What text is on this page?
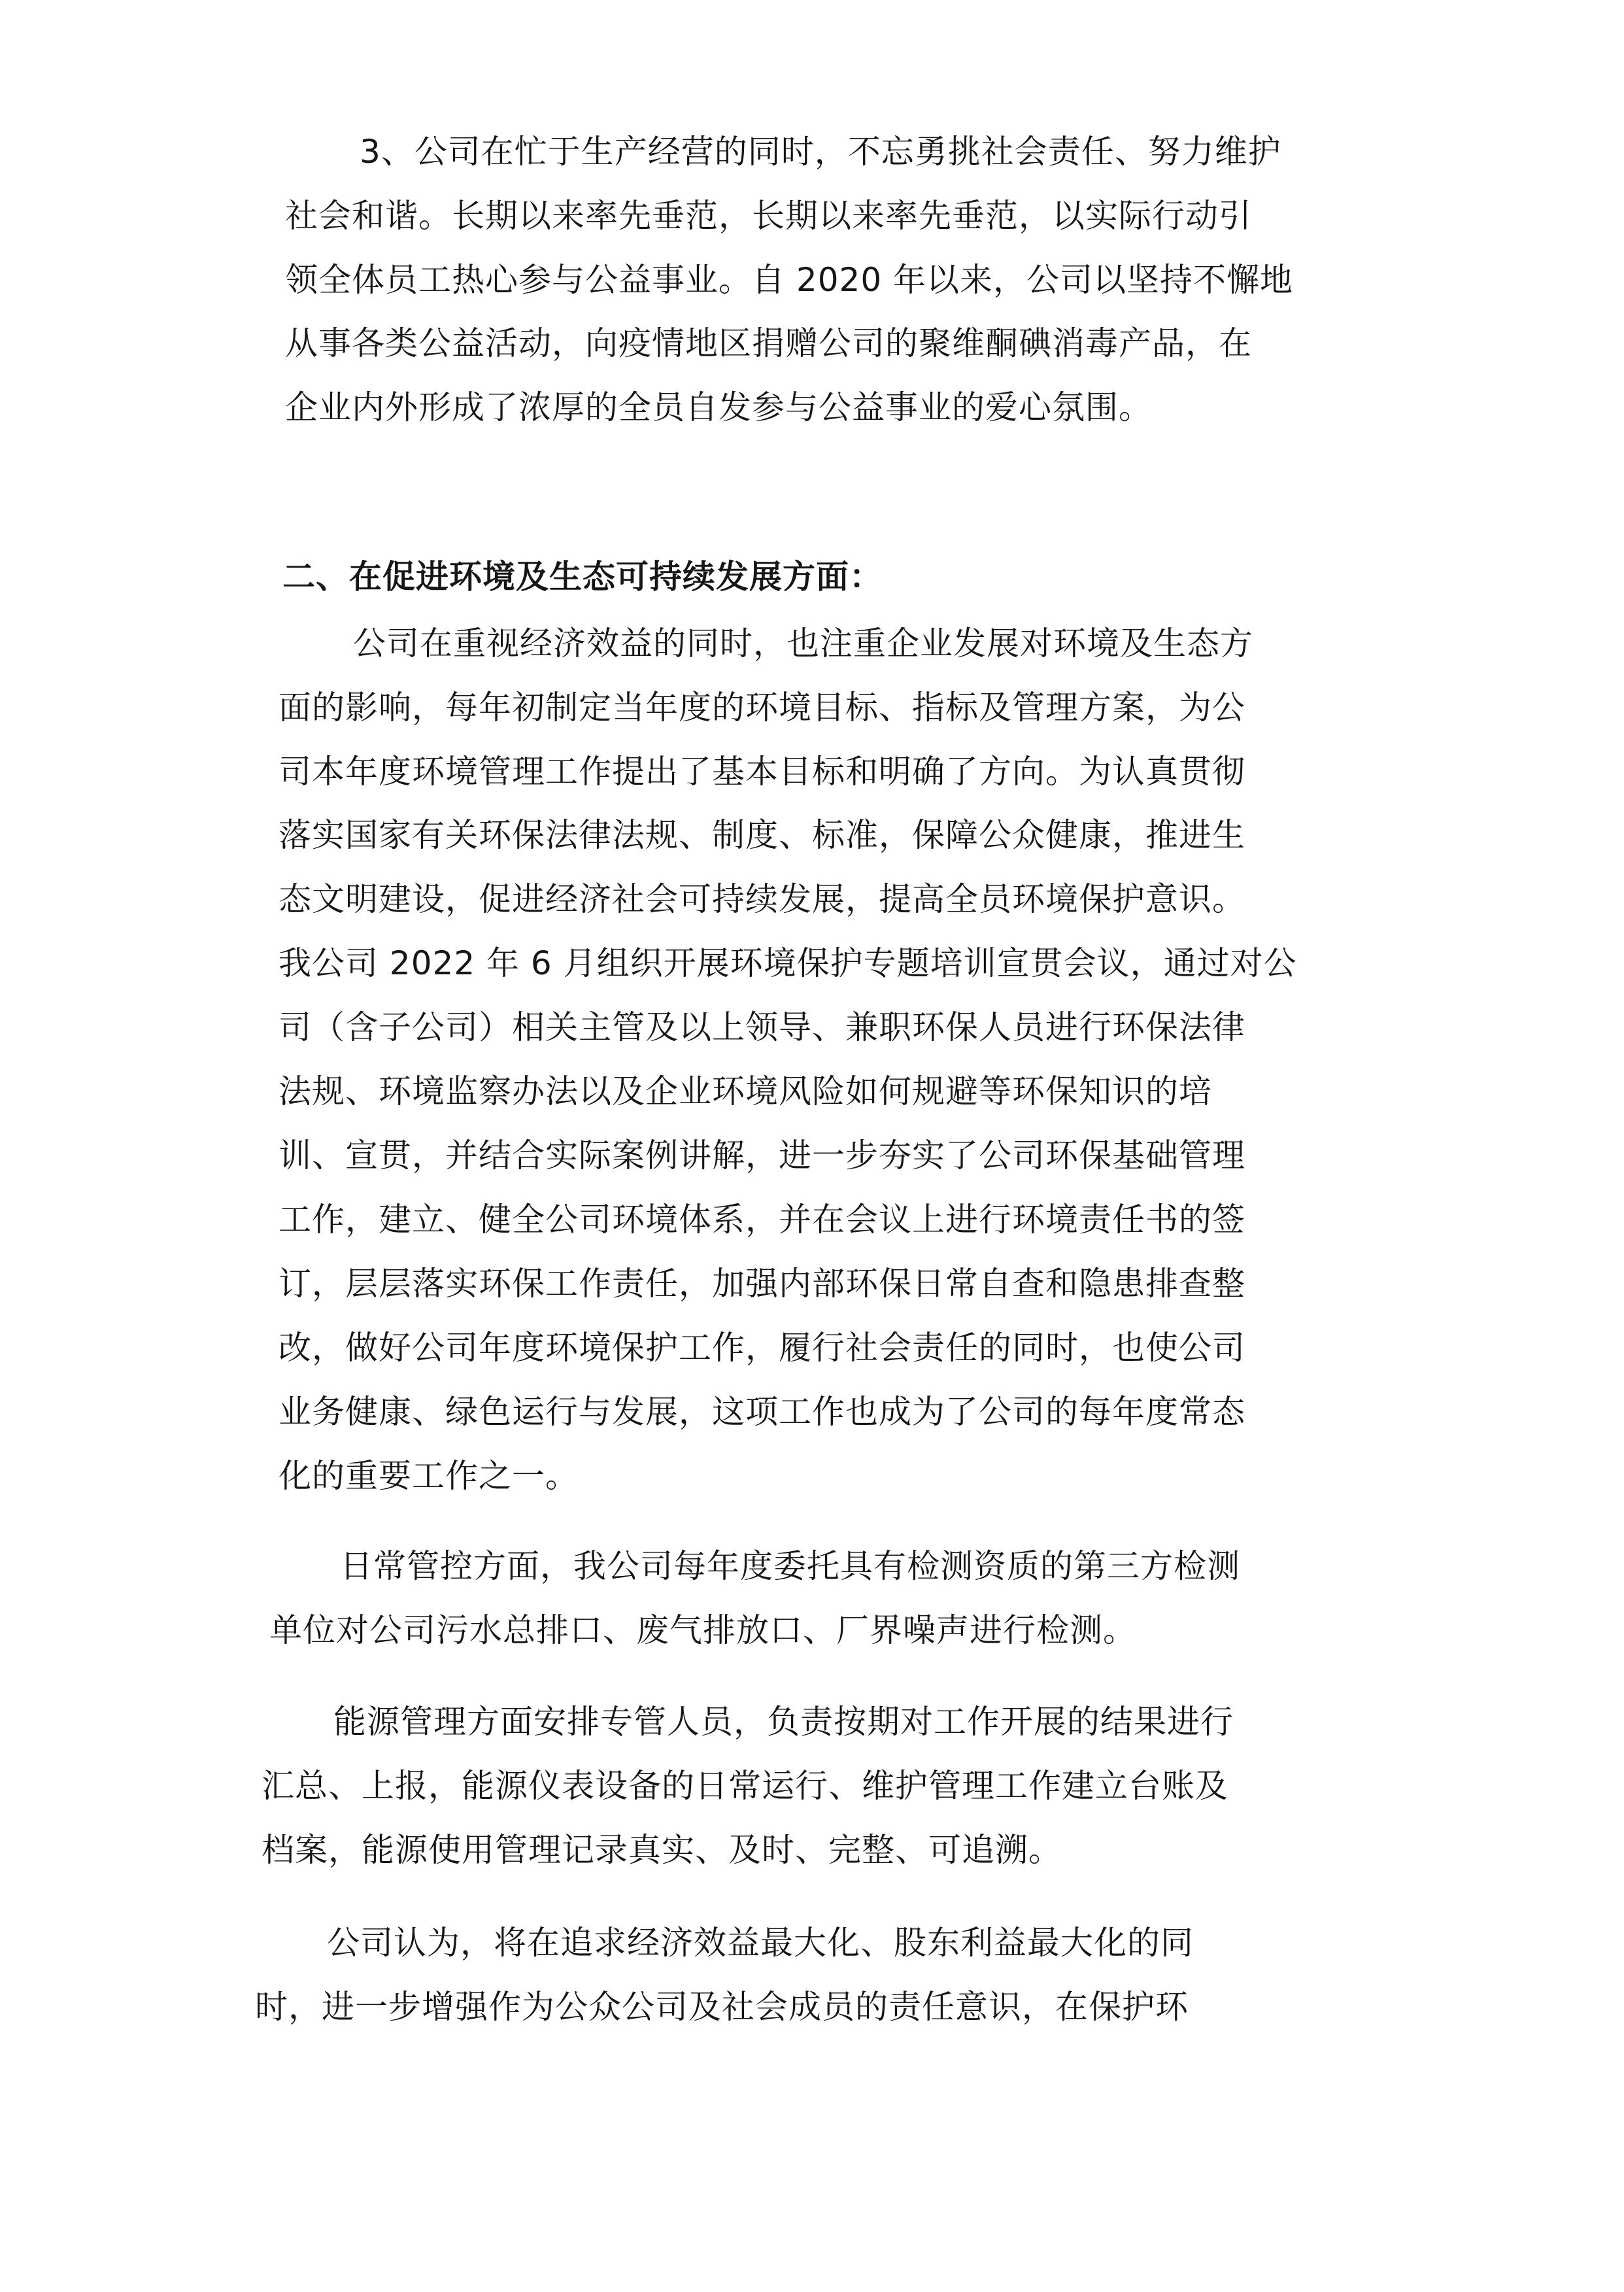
3、公司在忙于生产经营的同时，不忘勇挑社会责任、努力维护
社会和谐。长期以来率先垂范，长期以来率先垂范，以实际行动引
领全体员工热心参与公益事业。自 2020 年以来，公司以坚持不懈地
从事各类公益活动，向疫情地区捐赠公司的聚维酮碘消毒产品，在
企业内外形成了浓厚的全员自发参与公益事业的爱心氛围。
二、在促进环境及生态可持续发展方面：
公司在重视经济效益的同时，也注重企业发展对环境及生态方
面的影响，每年初制定当年度的环境目标、指标及管理方案，为公
司本年度环境管理工作提出了基本目标和明确了方向。为认真贯彻
落实国家有关环保法律法规、制度、标准，保障公众健康，推进生
态文明建设，促进经济社会可持续发展，提高全员环境保护意识。
我公司 2022 年 6 月组织开展环境保护专题培训宣贯会议，通过对公
司（含子公司）相关主管及以上领导、兼职环保人员进行环保法律
法规、环境监察办法以及企业环境风险如何规避等环保知识的培
训、宣贯，并结合实际案例讲解，进一步夯实了公司环保基础管理
工作，建立、健全公司环境体系，并在会议上进行环境责任书的签
订，层层落实环保工作责任，加强内部环保日常自查和隐患排查整
改，做好公司年度环境保护工作，履行社会责任的同时，也使公司
业务健康、绿色运行与发展，这项工作也成为了公司的每年度常态
化的重要工作之一。
日常管控方面，我公司每年度委托具有检测资质的第三方检测
单位对公司污水总排口、废气排放口、厂界噪声进行检测。
能源管理方面安排专管人员，负责按期对工作开展的结果进行
汇总、上报，能源仪表设备的日常运行、维护管理工作建立台账及
档案，能源使用管理记录真实、及时、完整、可追溯。
公司认为，将在追求经济效益最大化、股东利益最大化的同
时，进一步增强作为公众公司及社会成员的责任意识，在保护环
